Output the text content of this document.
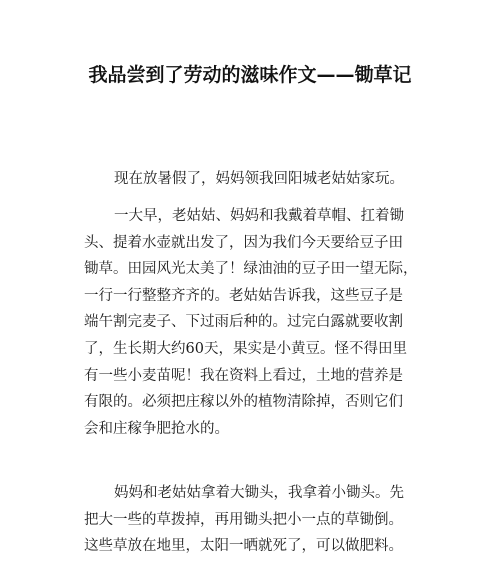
我品尝到了劳动的滋味作文——锄草记
现在放暑假了，妈妈领我回阳城老姑姑家玩。
一大早，老姑姑、妈妈和我戴着草帽、扛着锄
头、提着水壶就出发了，因为我们今天要给豆子田
锄草。田园风光太美了！绿油油的豆子田一望无际，
一行一行整整齐齐的。老姑姑告诉我，这些豆子是
端午割完麦子、下过雨后种的。过完白露就要收割
了，生长期大约60天，果实是小黄豆。怪不得田里
有一些小麦苗呢！我在资料上看过，土地的营养是
有限的。必须把庄稼以外的植物清除掉，否则它们
会和庄稼争肥抢水的。
妈妈和老姑姑拿着大锄头，我拿着小锄头。先
把大一些的草拨掉，再用锄头把小一点的草锄倒。
这些草放在地里，太阳一晒就死了，可以做肥料。
